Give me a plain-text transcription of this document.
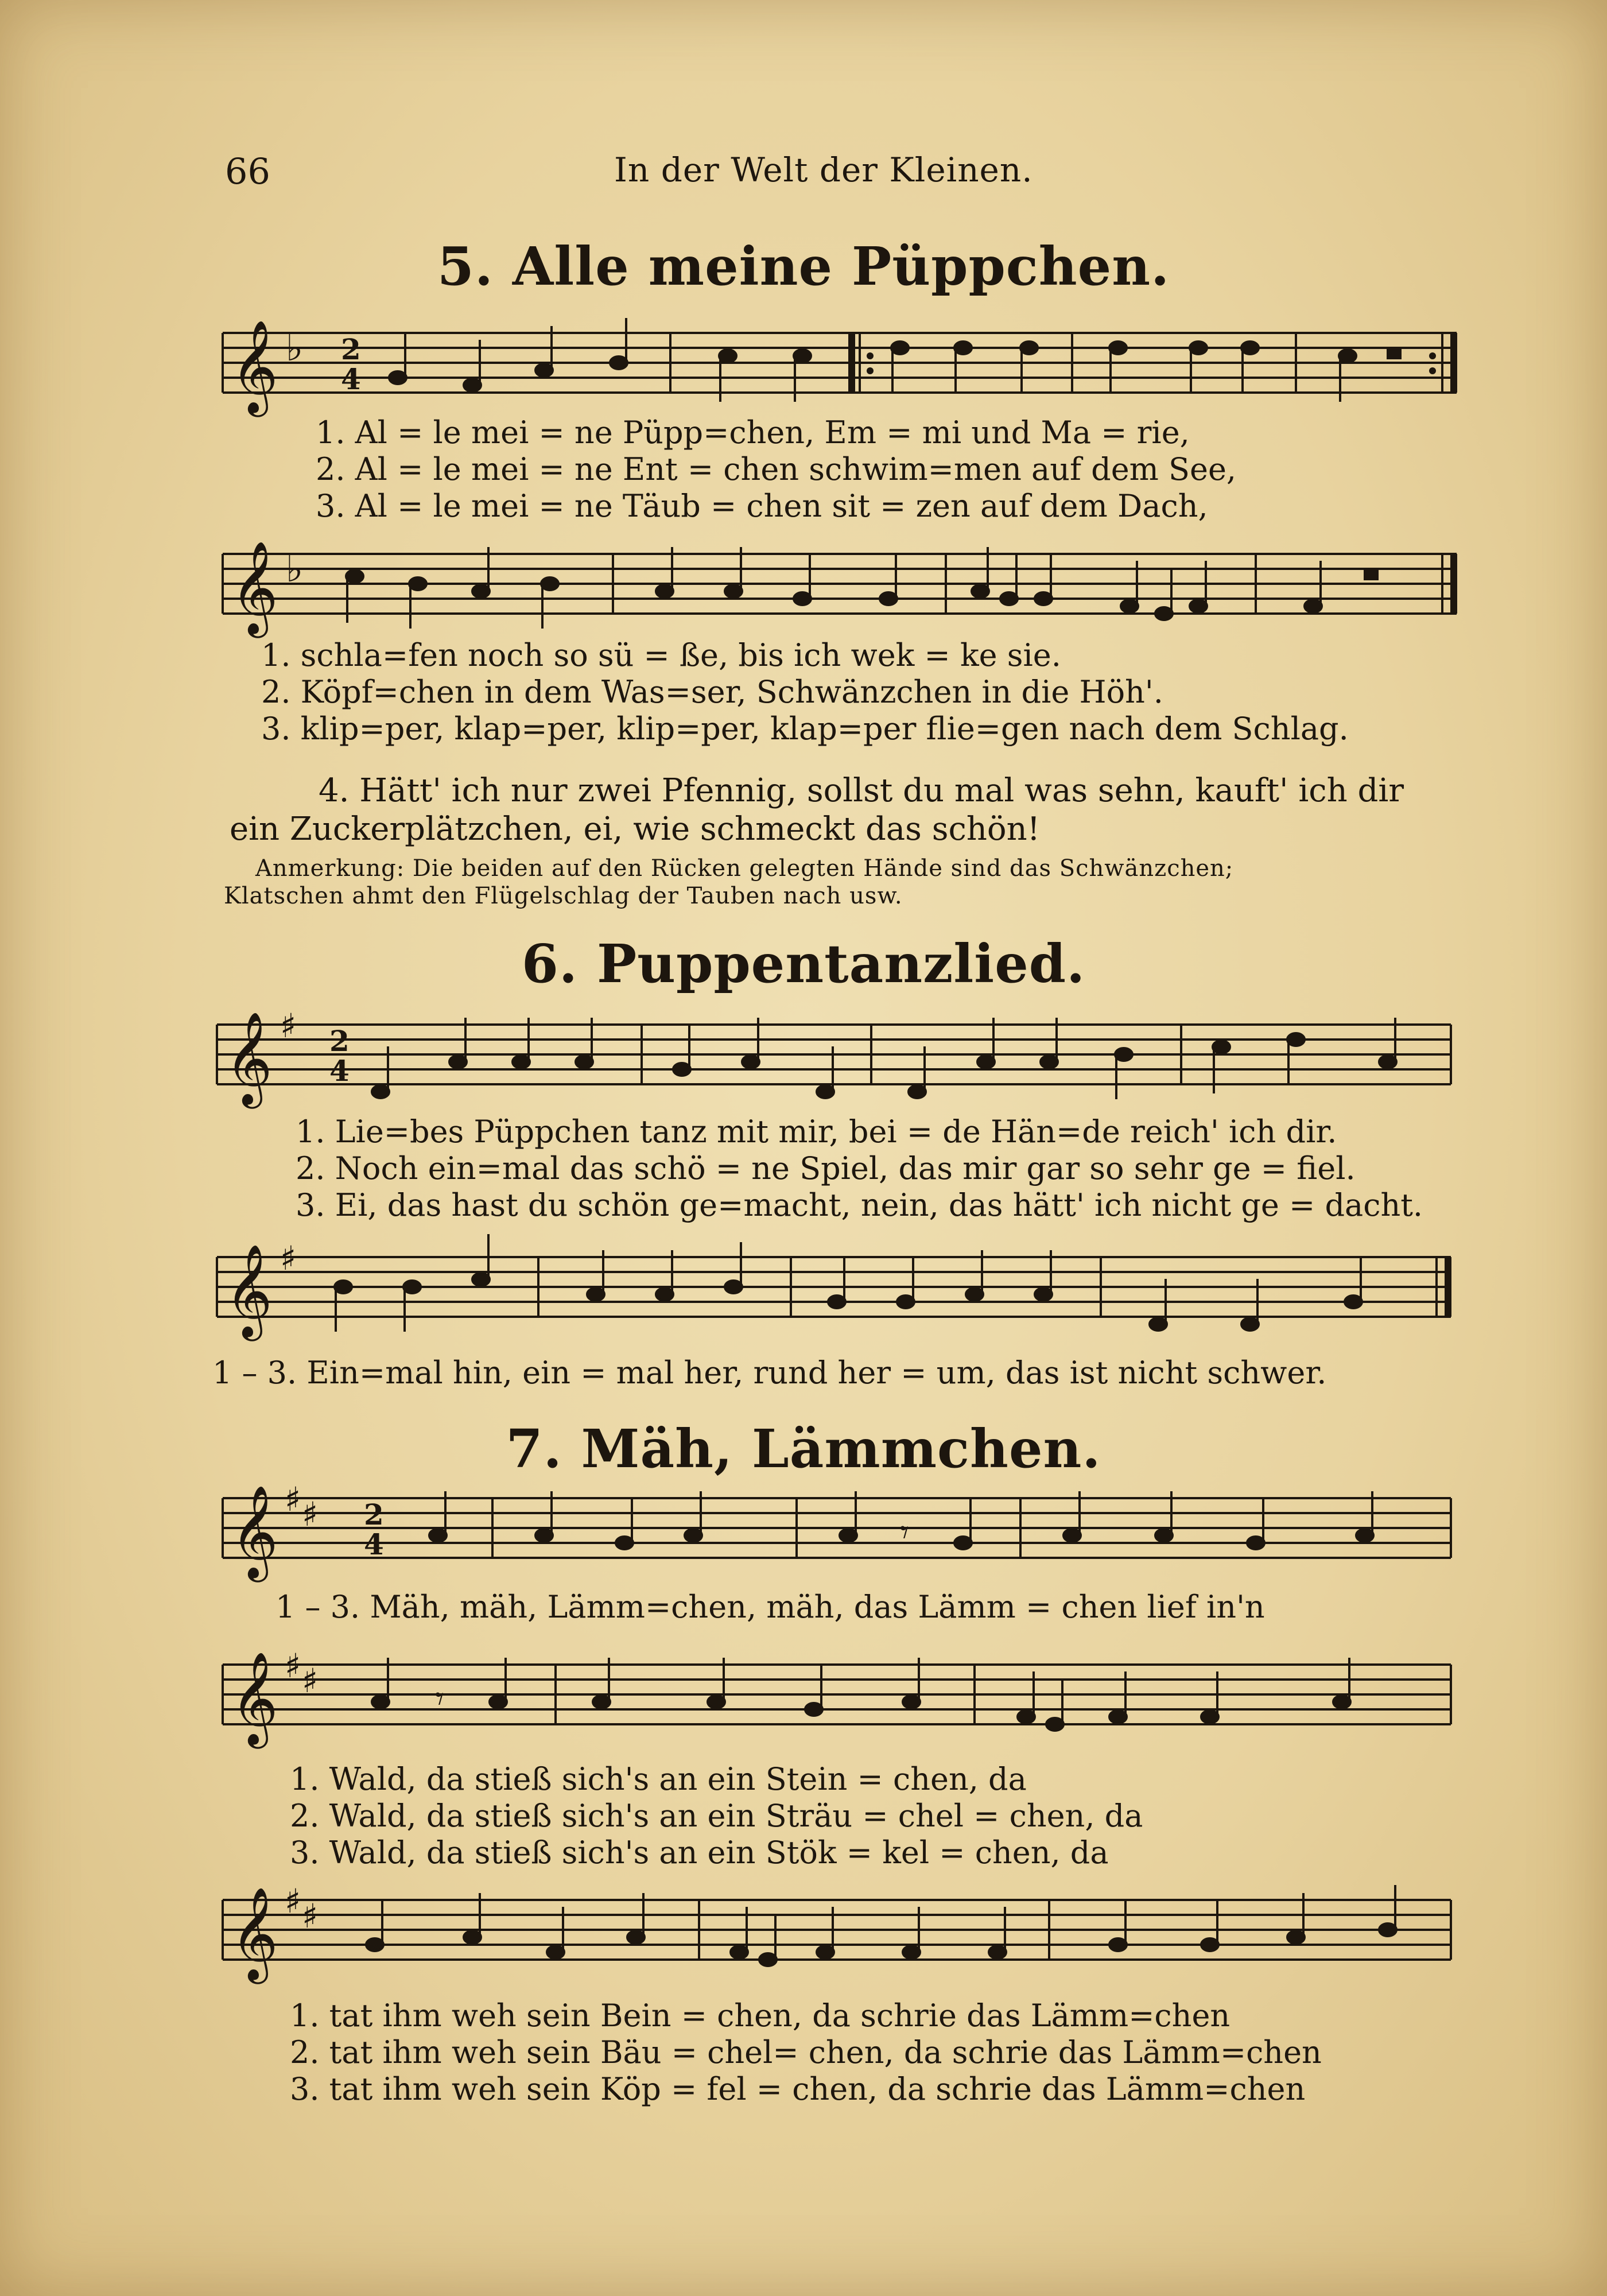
66	In der Welt der Kleinen.
5. Alle meine Püppchen.
𝄞 ♭ 2
4
1. Al = le mei = ne Püpp=chen, Em = mi und Ma = rie,
2. Al = le mei = ne Ent = chen schwim=men auf dem See,
3. Al = le mei = ne Täub = chen sit = zen auf dem Dach,
𝄞 ♭
1. schla=fen noch so sü = ße, bis ich wek = ke sie.
2. Köpf=chen in dem Was=ser, Schwänzchen in die Höh'.
3. klip=per, klap=per, klip=per, klap=per flie=gen nach dem Schlag.
4. Hätt' ich nur zwei Pfennig, sollst du mal was sehn, kauft' ich dir
ein Zuckerplätzchen, ei, wie schmeckt das schön!
Anmerkung: Die beiden auf den Rücken gelegten Hände sind das Schwänzchen;
Klatschen ahmt den Flügelschlag der Tauben nach usw.
6. Puppentanzlied.
𝄞 ♯ 2
4
1. Lie=bes Püppchen tanz mit mir, bei = de Hän=de reich' ich dir.
2. Noch ein=mal das schö = ne Spiel, das mir gar so sehr ge = fiel.
3. Ei, das hast du schön ge=macht, nein, das hätt' ich nicht ge = dacht.
𝄞 ♯
1 – 3. Ein=mal hin, ein = mal her, rund her = um, das ist nicht schwer.
7. Mäh, Lämmchen.
𝄞 ♯ ♯ 2
4	𝄾
1 – 3. Mäh, mäh, Lämm=chen, mäh, das Lämm = chen lief in'n
𝄞 ♯ ♯	𝄾
1. Wald, da stieß sich's an ein Stein = chen, da
2. Wald, da stieß sich's an ein Sträu = chel = chen, da
3. Wald, da stieß sich's an ein Stök = kel = chen, da
𝄞 ♯ ♯
1. tat ihm weh sein Bein = chen, da schrie das Lämm=chen
2. tat ihm weh sein Bäu = chel= chen, da schrie das Lämm=chen
3. tat ihm weh sein Köp = fel = chen, da schrie das Lämm=chen
